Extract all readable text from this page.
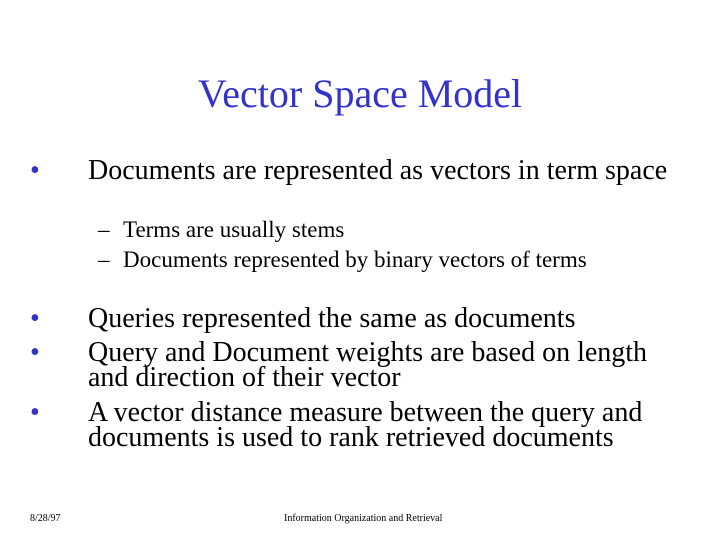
Vector Space Model
• Documents are represented as vectors in term space
– Terms are usually stems
– Documents represented by binary vectors of terms
• Queries represented the same as documents
• Query and Document weights are based on length and direction of their vector
• A vector distance measure between the query and documents is used to rank retrieved documents
8/28/97	Information Organization and Retrieval
